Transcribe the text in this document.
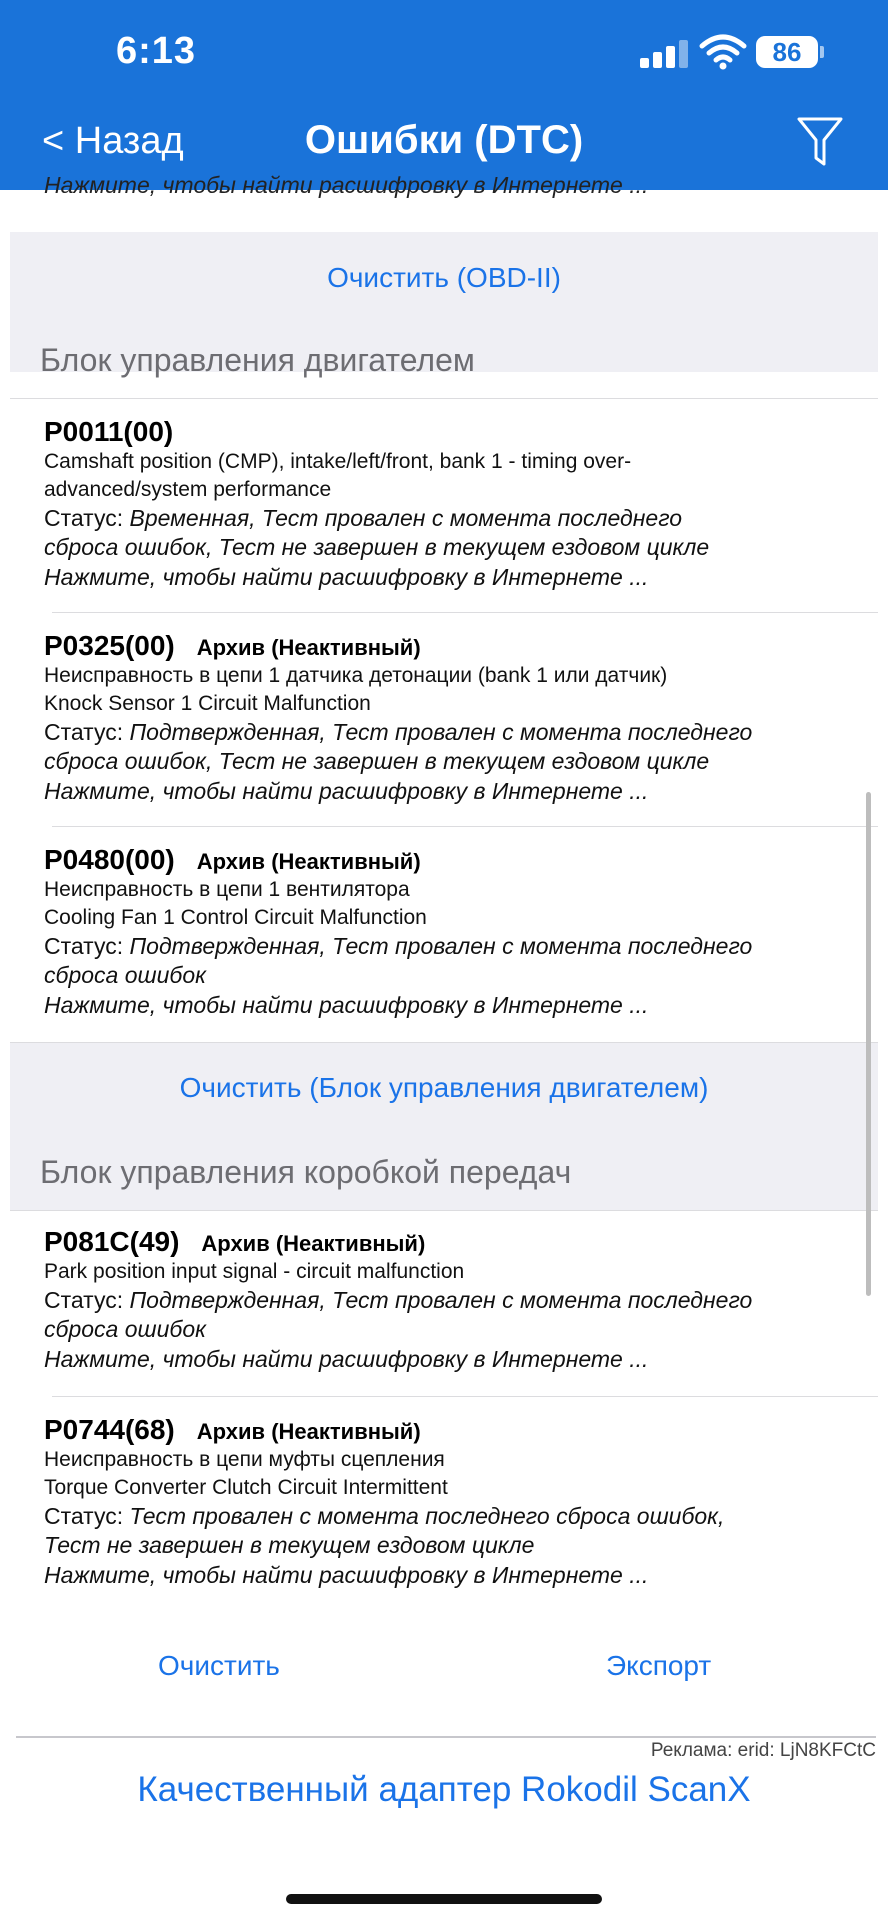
6:13	86
< Назад	Ошибки (DTC)
Нажмите, чтобы найти расшифровку в Интернете ...
Очистить (OBD-II)
Блок управления двигателем
P0011(00)
Camshaft position (CMP), intake/left/front, bank 1 - timing over-
advanced/system performance
Статус: Временная, Тест провален с момента последнего
сброса ошибок, Тест не завершен в текущем ездовом цикле
Нажмите, чтобы найти расшифровку в Интернете ...
P0325(00) Архив (Неактивный)
Неисправность в цепи 1 датчика детонации (bank 1 или датчик)
Knock Sensor 1 Circuit Malfunction
Статус: Подтвержденная, Тест провален с момента последнего
сброса ошибок, Тест не завершен в текущем ездовом цикле
Нажмите, чтобы найти расшифровку в Интернете ...
P0480(00) Архив (Неактивный)
Неисправность в цепи 1 вентилятора
Cooling Fan 1 Control Circuit Malfunction
Статус: Подтвержденная, Тест провален с момента последнего
сброса ошибок
Нажмите, чтобы найти расшифровку в Интернете ...
Очистить (Блок управления двигателем)
Блок управления коробкой передач
P081C(49) Архив (Неактивный)
Park position input signal - circuit malfunction
Статус: Подтвержденная, Тест провален с момента последнего
сброса ошибок
Нажмите, чтобы найти расшифровку в Интернете ...
P0744(68) Архив (Неактивный)
Неисправность в цепи муфты сцепления
Torque Converter Clutch Circuit Intermittent
Статус: Тест провален с момента последнего сброса ошибок,
Тест не завершен в текущем ездовом цикле
Нажмите, чтобы найти расшифровку в Интернете ...
Очистить	Экспорт
Реклама: erid: LjN8KFCtC
Качественный адаптер Rokodil ScanX
